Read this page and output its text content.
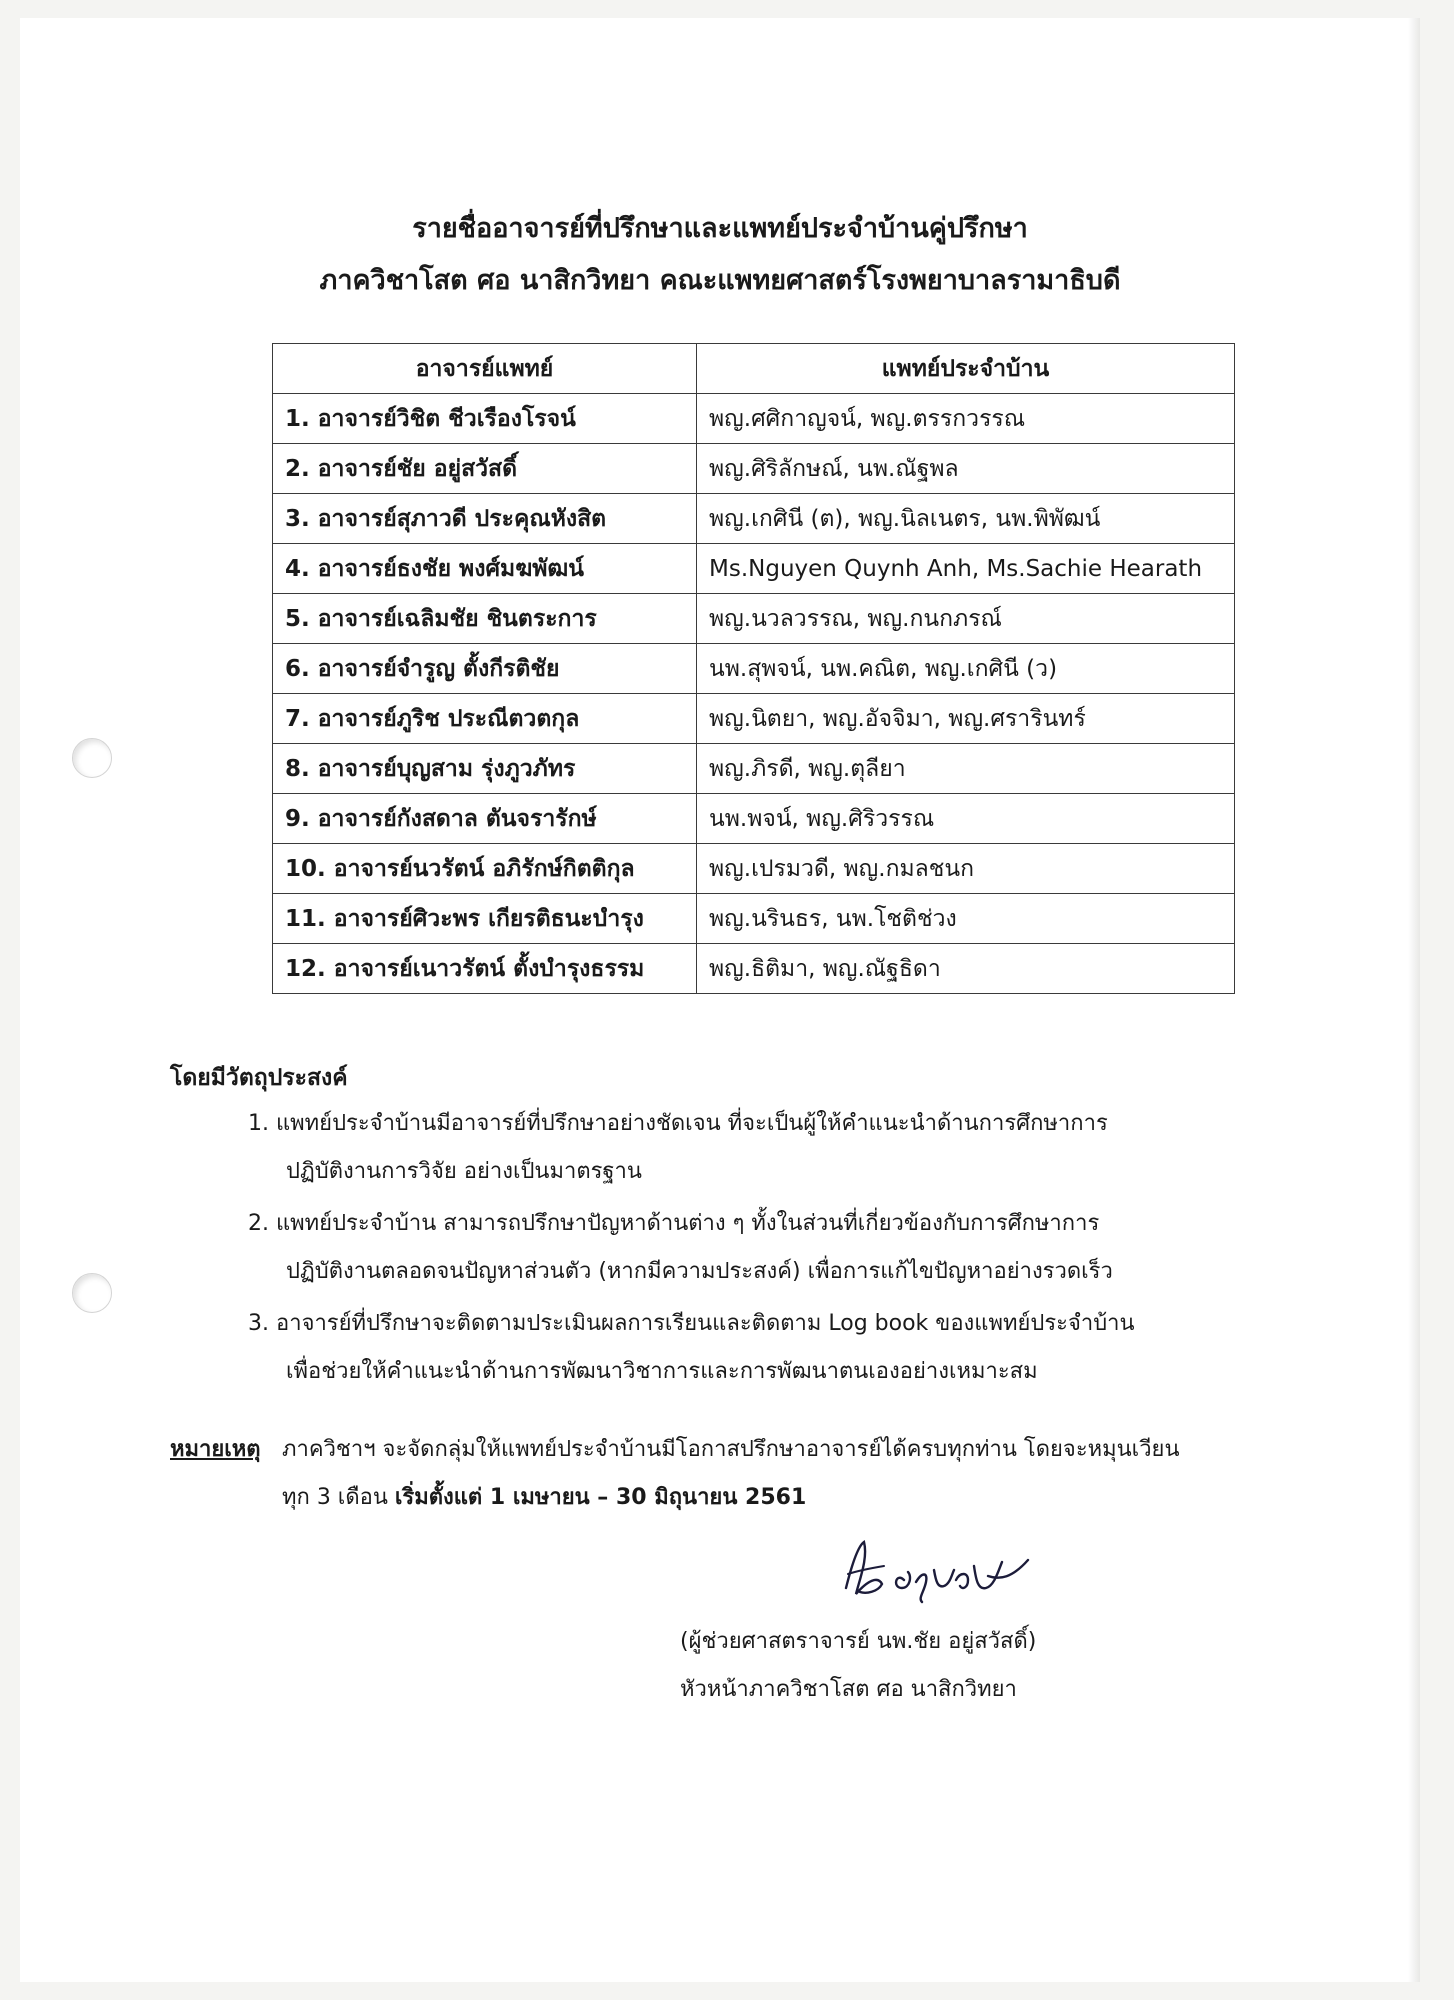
รายชื่ออาจารย์ที่ปรึกษาและแพทย์ประจำบ้านคู่ปรึกษา
ภาควิชาโสต ศอ นาสิกวิทยา คณะแพทยศาสตร์โรงพยาบาลรามาธิบดี
อาจารย์แพทย์	แพทย์ประจำบ้าน
1. อาจารย์วิชิต ชีวเรืองโรจน์	พญ.ศศิกาญจน์, พญ.ตรรกวรรณ
2. อาจารย์ชัย อยู่สวัสดิ์	พญ.ศิริลักษณ์, นพ.ณัฐพล
3. อาจารย์สุภาวดี ประคุณหังสิต	พญ.เกศินี (ต), พญ.นิลเนตร, นพ.พิพัฒน์
4. อาจารย์ธงชัย พงศ์มฆพัฒน์	Ms.Nguyen Quynh Anh, Ms.Sachie Hearath
5. อาจารย์เฉลิมชัย ชินตระการ	พญ.นวลวรรณ, พญ.กนกภรณ์
6. อาจารย์จำรูญ ตั้งกีรติชัย	นพ.สุพจน์, นพ.คณิต, พญ.เกศินี (ว)
7. อาจารย์ภูริช ประณีตวตกุล	พญ.นิตยา, พญ.อัจจิมา, พญ.ศรารินทร์
8. อาจารย์บุญสาม รุ่งภูวภัทร	พญ.ภิรดี, พญ.ตุลียา
9. อาจารย์กังสดาล ตันจรารักษ์	นพ.พจน์, พญ.ศิริวรรณ
10. อาจารย์นวรัตน์ อภิรักษ์กิตติกุล	พญ.เปรมวดี, พญ.กมลชนก
11. อาจารย์ศิวะพร เกียรติธนะบำรุง	พญ.นรินธร, นพ.โชติช่วง
12. อาจารย์เนาวรัตน์ ตั้งบำรุงธรรม	พญ.ธิติมา, พญ.ณัฐธิดา
โดยมีวัตถุประสงค์
1. แพทย์ประจำบ้านมีอาจารย์ที่ปรึกษาอย่างชัดเจน ที่จะเป็นผู้ให้คำแนะนำด้านการศึกษาการ
ปฏิบัติงานการวิจัย อย่างเป็นมาตรฐาน
2. แพทย์ประจำบ้าน สามารถปรึกษาปัญหาด้านต่าง ๆ ทั้งในส่วนที่เกี่ยวข้องกับการศึกษาการ
ปฏิบัติงานตลอดจนปัญหาส่วนตัว (หากมีความประสงค์) เพื่อการแก้ไขปัญหาอย่างรวดเร็ว
3. อาจารย์ที่ปรึกษาจะติดตามประเมินผลการเรียนและติดตาม Log book ของแพทย์ประจำบ้าน
เพื่อช่วยให้คำแนะนำด้านการพัฒนาวิชาการและการพัฒนาตนเองอย่างเหมาะสม
หมายเหตุ ภาควิชาฯ จะจัดกลุ่มให้แพทย์ประจำบ้านมีโอกาสปรึกษาอาจารย์ได้ครบทุกท่าน โดยจะหมุนเวียน
ทุก 3 เดือน เริ่มตั้งแต่ 1 เมษายน – 30 มิถุนายน 2561
(ผู้ช่วยศาสตราจารย์ นพ.ชัย อยู่สวัสดิ์)
หัวหน้าภาควิชาโสต ศอ นาสิกวิทยา
